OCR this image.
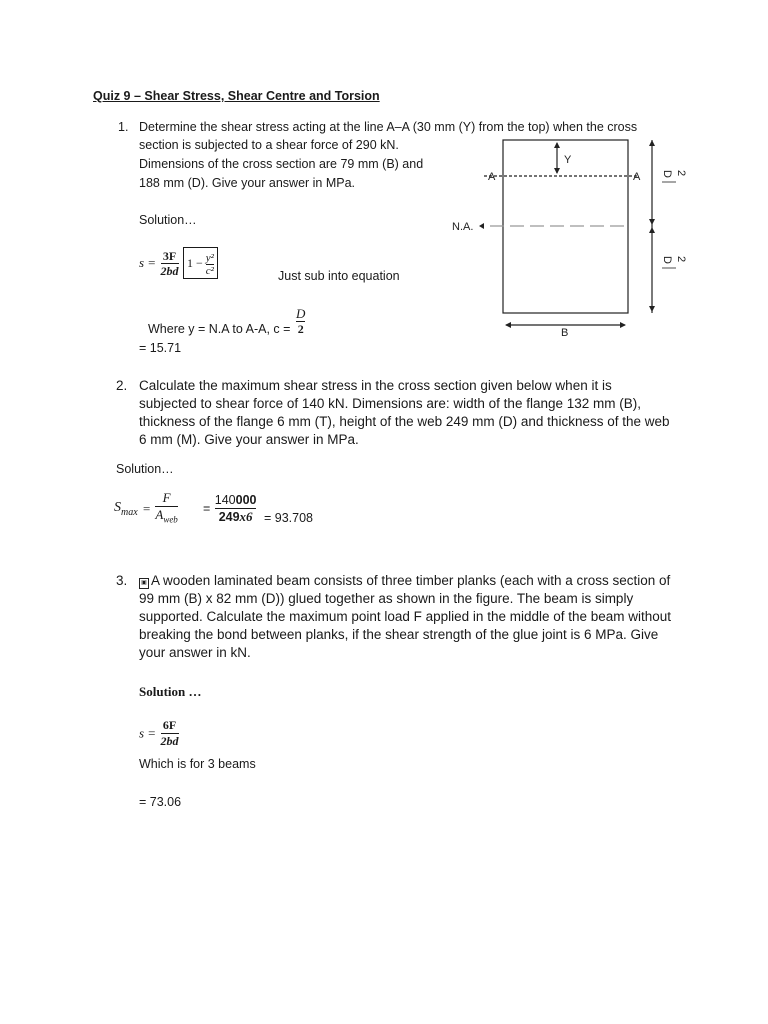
Quiz 9 – Shear Stress, Shear Centre and Torsion
1. Determine the shear stress acting at the line A–A (30 mm (Y) from the top) when the cross
section is subjected to a shear force of 290 kN.
Dimensions of the cross section are 79 mm (B) and
188 mm (D). Give your answer in MPa.
Solution…
$s = \frac{3F}{2bd} 1 - \frac{\text{y²}}{\text{c²}}$	Just sub into equation
Where y = N.A to A-A, $c = \frac{D}{2}$
= 15.71
A	A
Y
N.A.
B
D 2
D 2
2. Calculate the maximum shear stress in the cross section given below when it is subjected to shear force of 140 kN. Dimensions are: width of the flange 132 mm (B), thickness of the flange 6 mm (T), height of the web 249 mm (D) and thickness of the web 6 mm (M). Give your answer in MPa.
Solution…
$S_{max} = \frac{F}{A_{web}} = \frac{140000}{249x6} = 93.708$
3.	▣ A wooden laminated beam consists of three timber planks (each with a cross section of 99 mm (B) x 82 mm (D)) glued together as shown in the figure. The beam is simply supported. Calculate the maximum point load F applied in the middle of the beam without breaking the bond between planks, if the shear strength of the glue joint is 6 MPa. Give your answer in kN.
Solution …
$s = \frac{6F}{2bd}$
Which is for 3 beams
= 73.06
